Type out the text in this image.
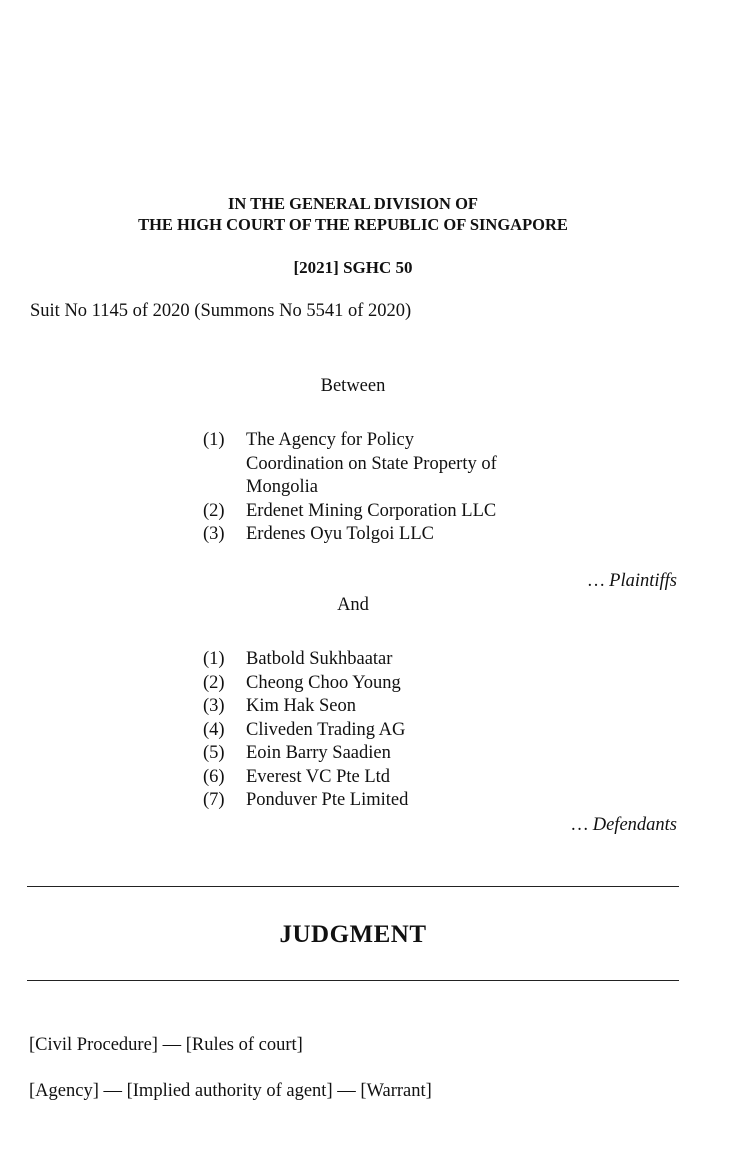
IN THE GENERAL DIVISION OF
THE HIGH COURT OF THE REPUBLIC OF SINGAPORE
[2021] SGHC 50
Suit No 1145 of 2020 (Summons No 5541 of 2020)
Between
(1)	The Agency for Policy Coordination on State Property of Mongolia
(2)	Erdenet Mining Corporation LLC
(3)	Erdenes Oyu Tolgoi LLC
… Plaintiffs
And
(1)	Batbold Sukhbaatar
(2)	Cheong Choo Young
(3)	Kim Hak Seon
(4)	Cliveden Trading AG
(5)	Eoin Barry Saadien
(6)	Everest VC Pte Ltd
(7)	Ponduver Pte Limited
… Defendants
JUDGMENT
[Civil Procedure] — [Rules of court]
[Agency] — [Implied authority of agent] — [Warrant]
